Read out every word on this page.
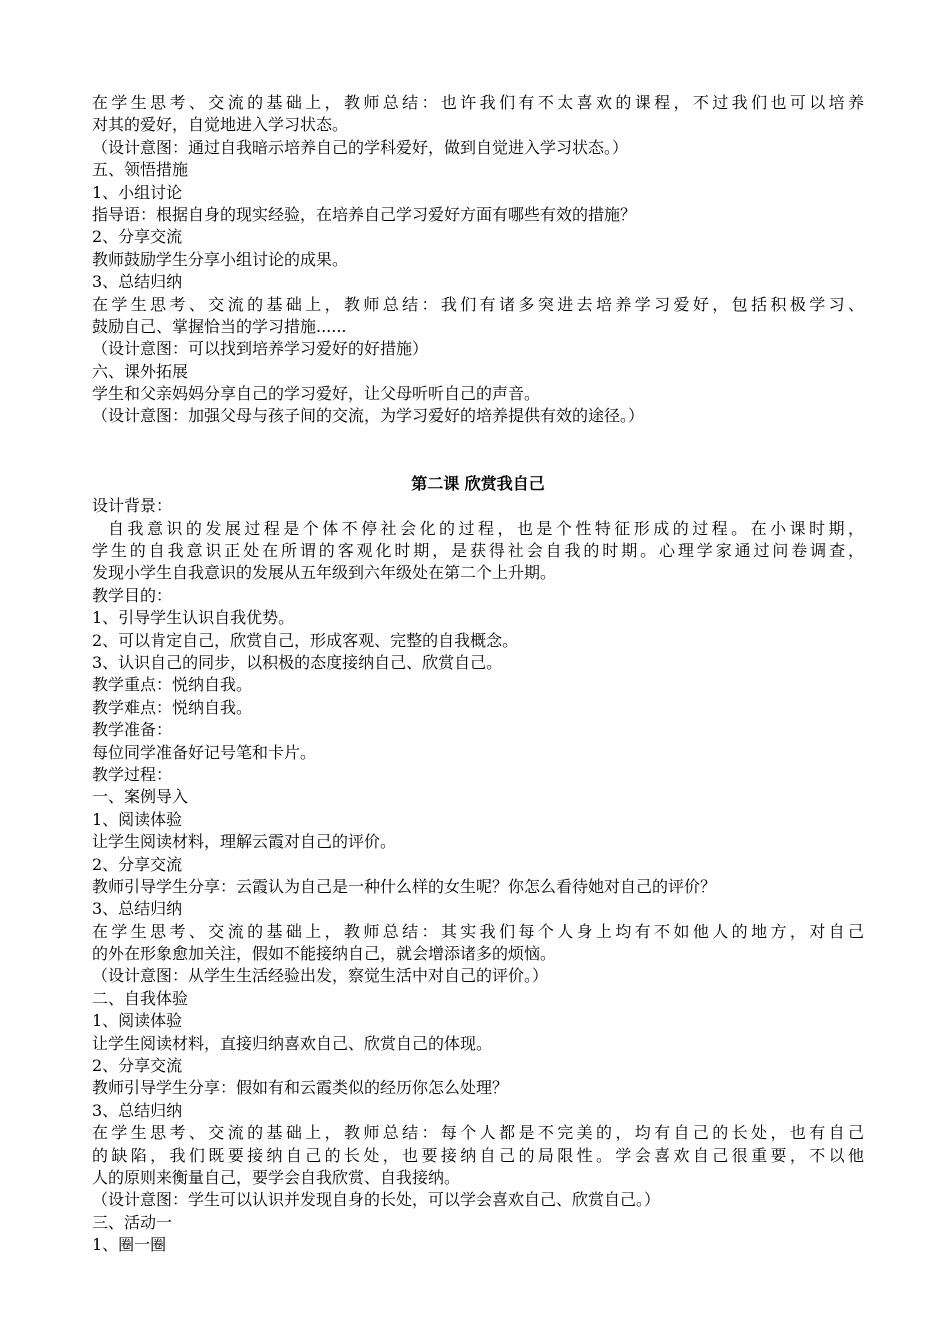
在学生思考、交流的基础上，教师总结：也许我们有不太喜欢的课程，不过我们也可以培养
对其的爱好，自觉地进入学习状态。
（设计意图：通过自我暗示培养自己的学科爱好，做到自觉进入学习状态。）
五、领悟措施
1、小组讨论
指导语：根据自身的现实经验，在培养自己学习爱好方面有哪些有效的措施？
2、分享交流
教师鼓励学生分享小组讨论的成果。
3、总结归纳
在学生思考、交流的基础上，教师总结：我们有诸多突进去培养学习爱好，包括积极学习、
鼓励自己、掌握恰当的学习措施......
（设计意图：可以找到培养学习爱好的好措施）
六、课外拓展
学生和父亲妈妈分享自己的学习爱好，让父母听听自己的声音。
（设计意图：加强父母与孩子间的交流，为学习爱好的培养提供有效的途径。）
第二课 欣赏我自己
设计背景：
自我意识的发展过程是个体不停社会化的过程，也是个性特征形成的过程。在小课时期，
学生的自我意识正处在所谓的客观化时期，是获得社会自我的时期。心理学家通过问卷调查，
发现小学生自我意识的发展从五年级到六年级处在第二个上升期。
教学目的：
1、引导学生认识自我优势。
2、可以肯定自己，欣赏自己，形成客观、完整的自我概念。
3、认识自己的同步，以积极的态度接纳自己、欣赏自己。
教学重点：悦纳自我。
教学难点：悦纳自我。
教学准备：
每位同学准备好记号笔和卡片。
教学过程：
一、案例导入
1、阅读体验
让学生阅读材料，理解云霞对自己的评价。
2、分享交流
教师引导学生分享：云霞认为自己是一种什么样的女生呢？你怎么看待她对自己的评价？
3、总结归纳
在学生思考、交流的基础上，教师总结：其实我们每个人身上均有不如他人的地方，对自己
的外在形象愈加关注，假如不能接纳自己，就会增添诸多的烦恼。
（设计意图：从学生生活经验出发，察觉生活中对自己的评价。）
二、自我体验
1、阅读体验
让学生阅读材料，直接归纳喜欢自己、欣赏自己的体现。
2、分享交流
教师引导学生分享：假如有和云霞类似的经历你怎么处理？
3、总结归纳
在学生思考、交流的基础上，教师总结：每个人都是不完美的，均有自己的长处，也有自己
的缺陷，我们既要接纳自己的长处，也要接纳自己的局限性。学会喜欢自己很重要，不以他
人的原则来衡量自己，要学会自我欣赏、自我接纳。
（设计意图：学生可以认识并发现自身的长处，可以学会喜欢自己、欣赏自己。）
三、活动一
1、圈一圈
